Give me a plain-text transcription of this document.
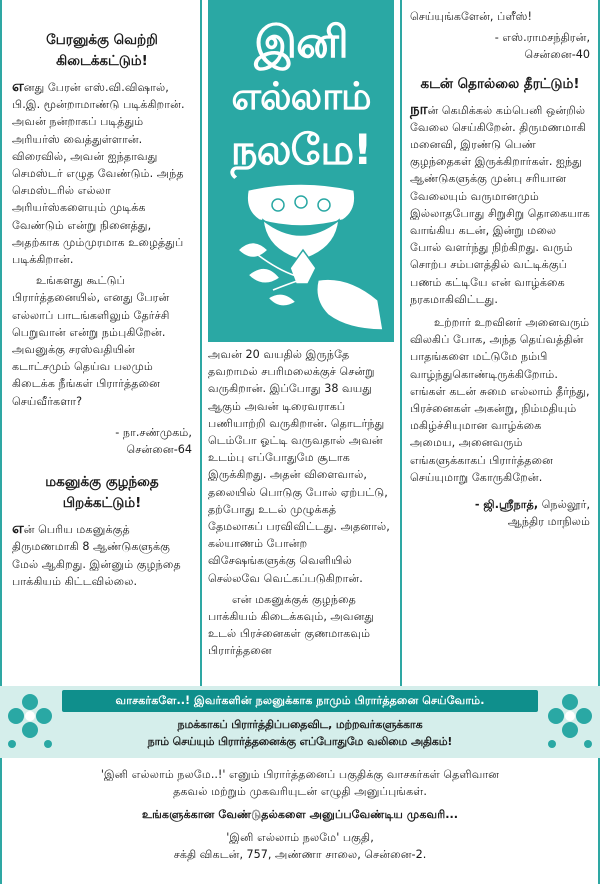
இனி
எல்லாம்
நலமே!
பேரனுக்கு வெற்றி கிடைக்கட்டும்!

எனது பேரன் எஸ்.வி.விஷால், பி.இ. மூன்றாமாண்டு படிக்கிறான். அவன் நன்றாகப் படித்தும் அரியர்ஸ் வைத்துள்ளான். விரைவில், அவன் ஐந்தாவது செமஸ்டர் எழுத வேண்டும். அந்த செமஸ்டரில் எல்லா அரியர்ஸ்களையும் முடிக்க வேண்டும் என்று நினைத்து, அதற்காக மும்முரமாக உழைத்துப் படிக்கிறான்.

உங்களது கூட்டுப் பிரார்த்தனையில், எனது பேரன் எல்லாப் பாடங்களிலும் தேர்ச்சி பெறுவான் என்று நம்புகிறேன். அவனுக்கு சரஸ்வதியின் கடாட்சமும் தெய்வ பலமும் கிடைக்க நீங்கள் பிரார்த்தனை செய்வீர்களா?

- நா.சண்முகம்,
சென்னை-64
மகனுக்கு குழந்தை பிறக்கட்டும்!

என் பெரிய மகனுக்குத் திருமணமாகி 8 ஆண்டுகளுக்கு மேல் ஆகிறது. இன்னும் குழந்தை பாக்கியம் கிட்டவில்லை.

அவன் 20 வயதில் இருந்தே தவறாமல் சபரிமலைக்குச் சென்று வருகிறான். இப்போது 38 வயது ஆகும் அவன் டிரைவராகப் பணியாற்றி வருகிறான். தொடர்ந்து டெம்போ ஓட்டி வருவதால் அவன் உடம்பு எப்போதுமே சூடாக இருக்கிறது. அதன் விளைவால், தலையில் பொடுகு போல் ஏற்பட்டு, தற்போது உடல் முழுக்கத் தேமலாகப் பரவிவிட்டது. அதனால், கல்யாணம் போன்ற விசேஷங்களுக்கு வெளியில் செல்லவே வெட்கப்படுகிறான்.

என் மகனுக்குக் குழந்தை பாக்கியம் கிடைக்கவும், அவனது உடல் பிரச்னைகள் குணமாகவும் பிரார்த்தனை

செய்யுங்களேன், ப்ளீஸ்!

- எஸ்.ராமசந்திரன்,
சென்னை-40
கடன் தொல்லை தீரட்டும்!

நான் கெமிக்கல் கம்பெனி ஒன்றில் வேலை செய்கிறேன். திருமணமாகி மனைவி, இரண்டு பெண் குழந்தைகள் இருக்கிறார்கள். ஐந்து ஆண்டுகளுக்கு முன்பு சரியான வேலையும் வருமானமும் இல்லாதபோது சிறுசிறு தொகையாக வாங்கிய கடன், இன்று மலை போல் வளர்ந்து நிற்கிறது. வரும் சொற்ப சம்பளத்தில் வட்டிக்குப் பணம் கட்டியே என் வாழ்க்கை நரகமாகிவிட்டது.

உற்றார் உறவினர் அனைவரும் விலகிப் போக, அந்த தெய்வத்தின் பாதங்களை மட்டுமே நம்பி வாழ்ந்துகொண்டிருக்கிறோம். எங்கள் கடன் சுமை எல்லாம் தீர்ந்து, பிரச்னைகள் அகன்று, நிம்மதியும் மகிழ்ச்சியுமான வாழ்க்கை அமைய, அனைவரும் எங்களுக்காகப் பிரார்த்தனை செய்யுமாறு கோருகிறேன்.

- ஜி.ஸ்ரீநாத், நெல்லூர்,
ஆந்திர மாநிலம்
வாசகர்களே..! இவர்களின் நலனுக்காக நாமும் பிரார்த்தனை செய்வோம்.
நமக்காகப் பிரார்த்திப்பதைவிட, மற்றவர்களுக்காக
நாம் செய்யும் பிரார்த்தனைக்கு எப்போதுமே வலிமை அதிகம்!
'இனி எல்லாம் நலமே..!' எனும் பிரார்த்தனைப் பகுதிக்கு வாசகர்கள் தெளிவான
தகவல் மற்றும் முகவரியுடன் எழுதி அனுப்புங்கள்.
உங்களுக்கான வேண்டுதல்களை அனுப்பவேண்டிய முகவரி...
'இனி எல்லாம் நலமே' பகுதி,
சக்தி விகடன், 757, அண்ணா சாலை, சென்னை-2.
